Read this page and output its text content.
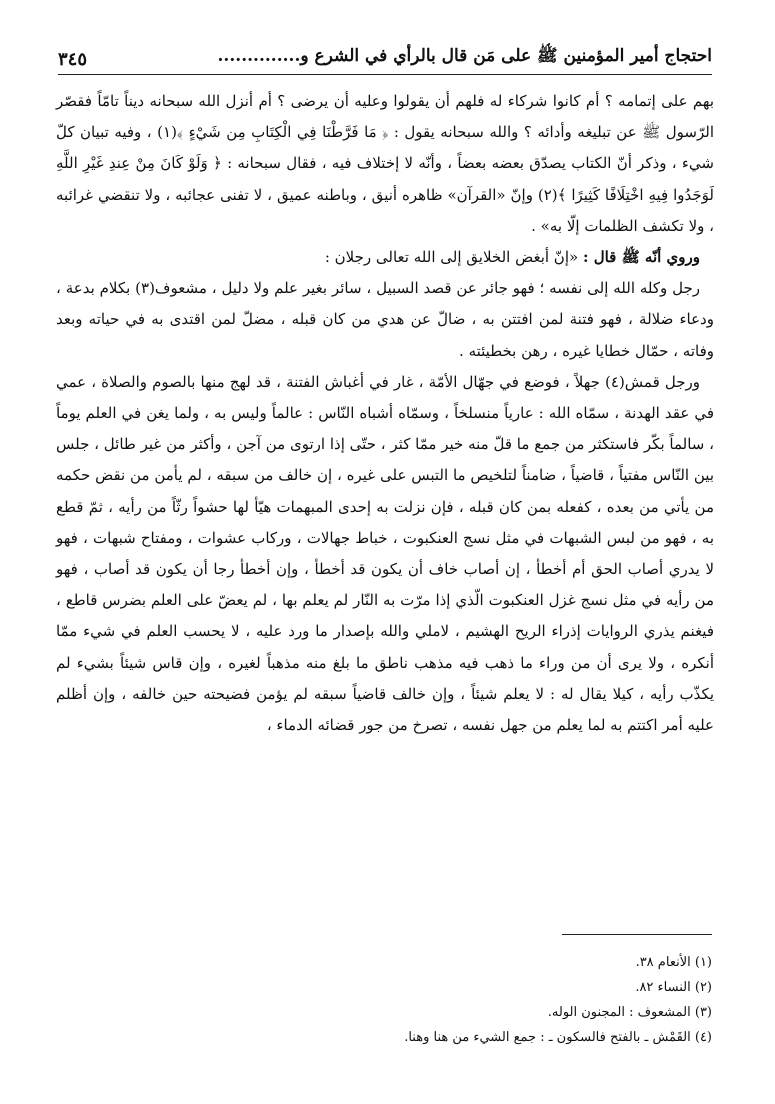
احتجاج أمير المؤمنين ﷺ على مَن قال بالرأي في الشرع و..............
٣٤٥

بهم على إتمامه ؟ أم كانوا شركاء له فلهم أن يقولوا وعليه أن يرضى ؟ أم أنزل الله سبحانه ديناً تامّاً فقصّر الرّسول ﷺ عن تبليغه وأدائه ؟ والله سبحانه يقول : ﴿ مَا فَرَّطْنَا فِي الْكِتَابِ مِن شَيْءٍ ﴾(١) ، وفيه تبيان كلّ شيء ، وذكر أنّ الكتاب يصدّق بعضه بعضاً ، وأنّه لا إختلاف فيه ، فقال سبحانه : ﴿ وَلَوْ كَانَ مِنْ عِندِ غَيْرِ اللَّهِ لَوَجَدُوا فِيهِ اخْتِلَافًا كَثِيرًا ﴾(٢) وإنّ «القرآن» ظاهره أنيق ، وباطنه عميق ، لا تفنى عجائبه ، ولا تنقضي غرائبه ، ولا تكشف الظلمات إلّا به» .

وروي أنّه ﷺ قال : «إنّ أبغض الخلايق إلى الله تعالى رجلان :

رجل وكله الله إلى نفسه ؛ فهو جائر عن قصد السبيل ، سائر بغير علم ولا دليل ، مشعوف(٣) بكلام بدعة ، ودعاء ضلالة ، فهو فتنة لمن افتتن به ، ضالّ عن هدي من كان قبله ، مضلّ لمن اقتدى به في حياته وبعد وفاته ، حمّال خطايا غيره ، رهن بخطيئته .

ورجل قمش(٤) جهلاً ، فوضع في جهّال الأمّة ، غار في أغباش الفتنة ، قد لهج منها بالصوم والصلاة ، عمي في عقد الهدنة ، سمّاه الله : عارياً منسلخاً ، وسمّاه أشباه النّاس : عالماً وليس به ، ولما يغن في العلم يوماً ، سالماً بكّر فاستكثر من جمع ما قلّ منه خير ممّا كثر ، حتّى إذا ارتوى من آجن ، وأكثر من غير طائل ، جلس بين النّاس مفتياً ، قاضياً ، ضامناً لتلخيص ما التبس على غيره ، إن خالف من سبقه ، لم يأمن من نقض حكمه من يأتي من بعده ، كفعله بمن كان قبله ، فإن نزلت به إحدى المبهمات هيّأ لها حشواً رثّاً من رأيه ، ثمّ قطع به ، فهو من لبس الشبهات في مثل نسج العنكبوت ، خباط جهالات ، وركاب عشوات ، ومفتاح شبهات ، فهو لا يدري أصاب الحق أم أخطأ ، إن أصاب خاف أن يكون قد أخطأ ، وإن أخطأ رجا أن يكون قد أصاب ، فهو من رأيه في مثل نسج غزل العنكبوت الّذي إذا مرّت به النّار لم يعلم بها ، لم يعضّ على العلم بضرس قاطع ، فيغنم يذري الروايات إذراء الريح الهشيم ، لاملي والله بإصدار ما ورد عليه ، لا يحسب العلم في شيء ممّا أنكره ، ولا يرى أن من وراء ما ذهب فيه مذهب ناطق ما بلغ منه مذهباً لغيره ، وإن قاس شيئاً بشيء لم يكذّب رأيه ، كيلا يقال له : لا يعلم شيئاً ، وإن خالف قاضياً سبقه لم يؤمن فضيحته حين خالفه ، وإن أظلم عليه أمر اكتتم به لما يعلم من جهل نفسه ، تصرخ من جور قضائه الدماء ،

(١) الأنعام ٣٨.
(٢) النساء ٨٢.
(٣) المشعوف : المجنون الوله.
(٤) القَمْش ـ بالفتح فالسكون ـ : جمع الشيء من هنا وهنا.
